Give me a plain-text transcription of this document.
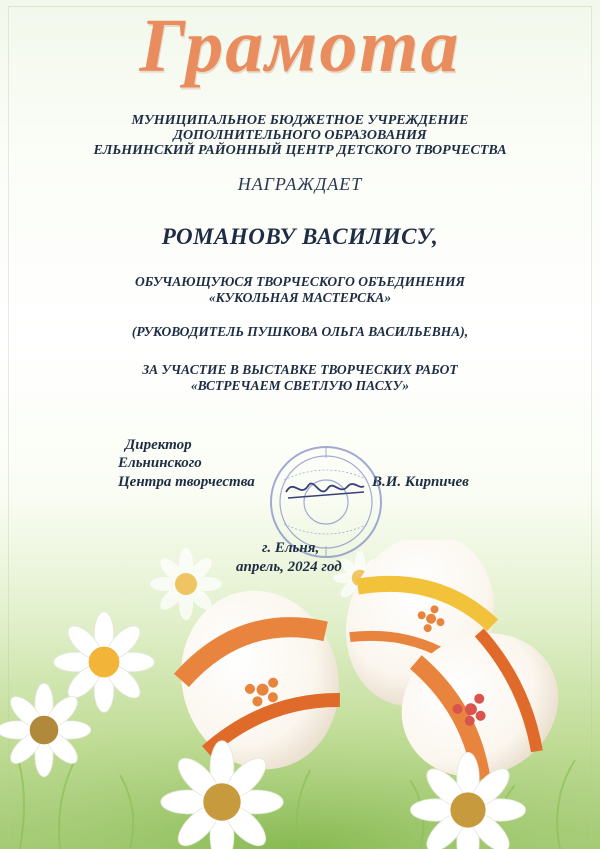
Грамота
МУНИЦИПАЛЬНОЕ БЮДЖЕТНОЕ УЧРЕЖДЕНИЕ
ДОПОЛНИТЕЛЬНОГО ОБРАЗОВАНИЯ
ЕЛЬНИНСКИЙ РАЙОННЫЙ ЦЕНТР ДЕТСКОГО ТВОРЧЕСТВА
НАГРАЖДАЕТ
РОМАНОВУ ВАСИЛИСУ,
ОБУЧАЮЩУЮСЯ ТВОРЧЕСКОГО ОБЪЕДИНЕНИЯ
«КУКОЛЬНАЯ МАСТЕРСКА»
(РУКОВОДИТЕЛЬ ПУШКОВА ОЛЬГА ВАСИЛЬЕВНА),
ЗА УЧАСТИЕ В ВЫСТАВКЕ ТВОРЧЕСКИХ РАБОТ
«ВСТРЕЧАЕМ СВЕТЛУЮ ПАСХУ»
Директор
Ельнинского
Центра творчества	В.И. Кирпичев
г. Ельня,
апрель, 2024 год
